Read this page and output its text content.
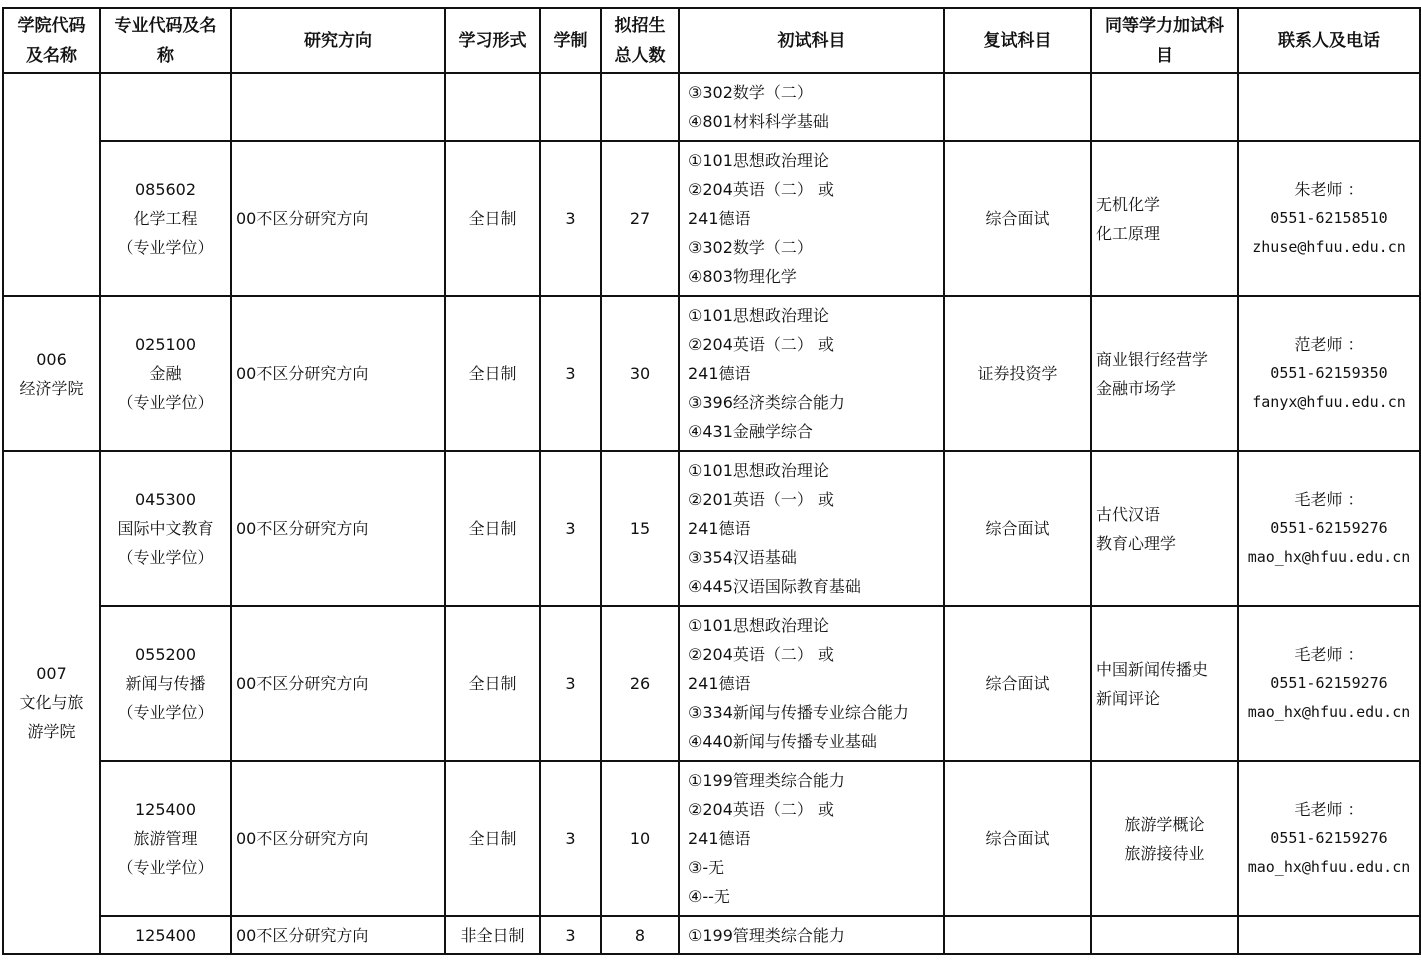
学院代码
及名称	专业代码及名
称	研究方向	学习形式	学制	拟招生
总人数	初试科目	复试科目	同等学力加试科
目	联系人及电话

						③302数学（二）
④801材料科学基础			

	085602
化学工程
（专业学位）	00不区分研究方向	全日制	3	27	①101思想政治理论
②204英语（二） 或
241德语
③302数学（二）
④803物理化学	综合面试	无机化学
化工原理	朱老师 ：
0551-62158510
zhuse@hfuu.edu.cn

006
经济学院	025100
金融
（专业学位）	00不区分研究方向	全日制	3	30	①101思想政治理论
②204英语（二） 或
241德语
③396经济类综合能力
④431金融学综合	证券投资学	商业银行经营学
金融市场学	范老师 ：
0551-62159350
fanyx@hfuu.edu.cn

007
文化与旅
游学院	045300
国际中文教育
（专业学位）	00不区分研究方向	全日制	3	15	①101思想政治理论
②201英语（一） 或
241德语
③354汉语基础
④445汉语国际教育基础	综合面试	古代汉语
教育心理学	毛老师 ：
0551-62159276
mao_hx@hfuu.edu.cn

	055200
新闻与传播
（专业学位）	00不区分研究方向	全日制	3	26	①101思想政治理论
②204英语（二） 或
241德语
③334新闻与传播专业综合能力
④440新闻与传播专业基础	综合面试	中国新闻传播史
新闻评论	毛老师 ：
0551-62159276
mao_hx@hfuu.edu.cn

	125400
旅游管理
（专业学位）	00不区分研究方向	全日制	3	10	①199管理类综合能力
②204英语（二） 或
241德语
③-无
④--无	综合面试	旅游学概论
旅游接待业	毛老师 ：
0551-62159276
mao_hx@hfuu.edu.cn

	125400	00不区分研究方向	非全日制	3	8	①199管理类综合能力			
